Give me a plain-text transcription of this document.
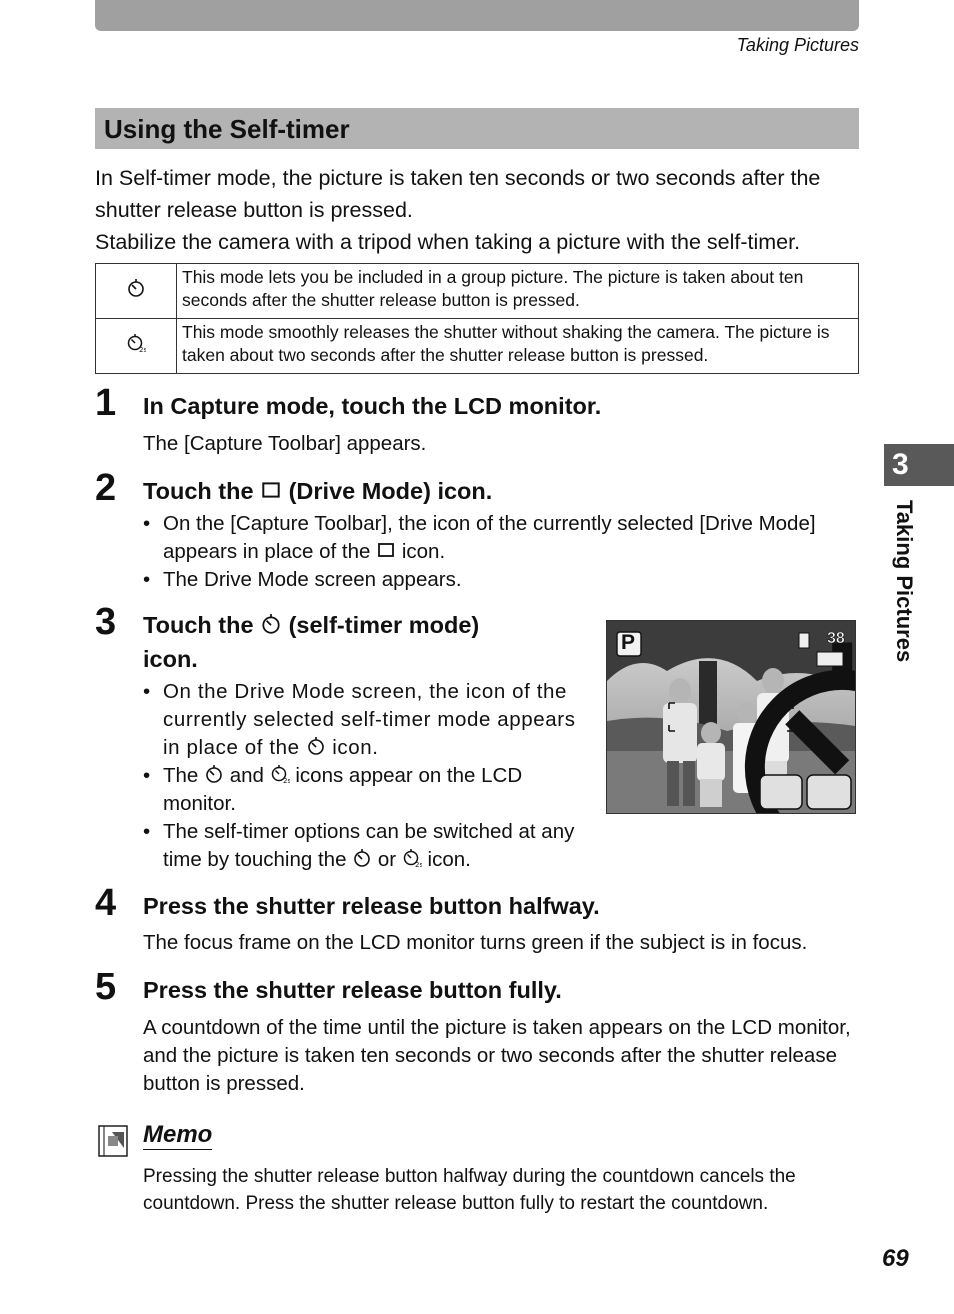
Taking Pictures
Using the Self-timer

In Self-timer mode, the picture is taken ten seconds or two seconds after the shutter release button is pressed.

Stabilize the camera with a tripod when taking a picture with the self-timer.

	This mode lets you be included in a group picture. The picture is taken about ten seconds after the shutter release button is pressed.
	This mode smoothly releases the shutter without shaking the camera. The picture is taken about two seconds after the shutter release button is pressed.
1 In Capture mode, touch the LCD monitor.
The [Capture Toolbar] appears.
2 Touch the (Drive Mode) icon.
• On the [Capture Toolbar], the icon of the currently selected [Drive Mode] appears in place of the icon.
• The Drive Mode screen appears.
3 Touch the (self-timer mode)
icon.
• On the Drive Mode screen, the icon of the currently selected self-timer mode appears in place of the icon.
• The and icons appear on the LCD monitor.
• The self-timer options can be switched at any time by touching the or icon.
P	38
4 Press the shutter release button halfway.
The focus frame on the LCD monitor turns green if the subject is in focus.
5 Press the shutter release button fully.
A countdown of the time until the picture is taken appears on the LCD monitor, and the picture is taken ten seconds or two seconds after the shutter release button is pressed.
Memo
Pressing the shutter release button halfway during the countdown cancels the countdown. Press the shutter release button fully to restart the countdown.
3
Taking Pictures
69
